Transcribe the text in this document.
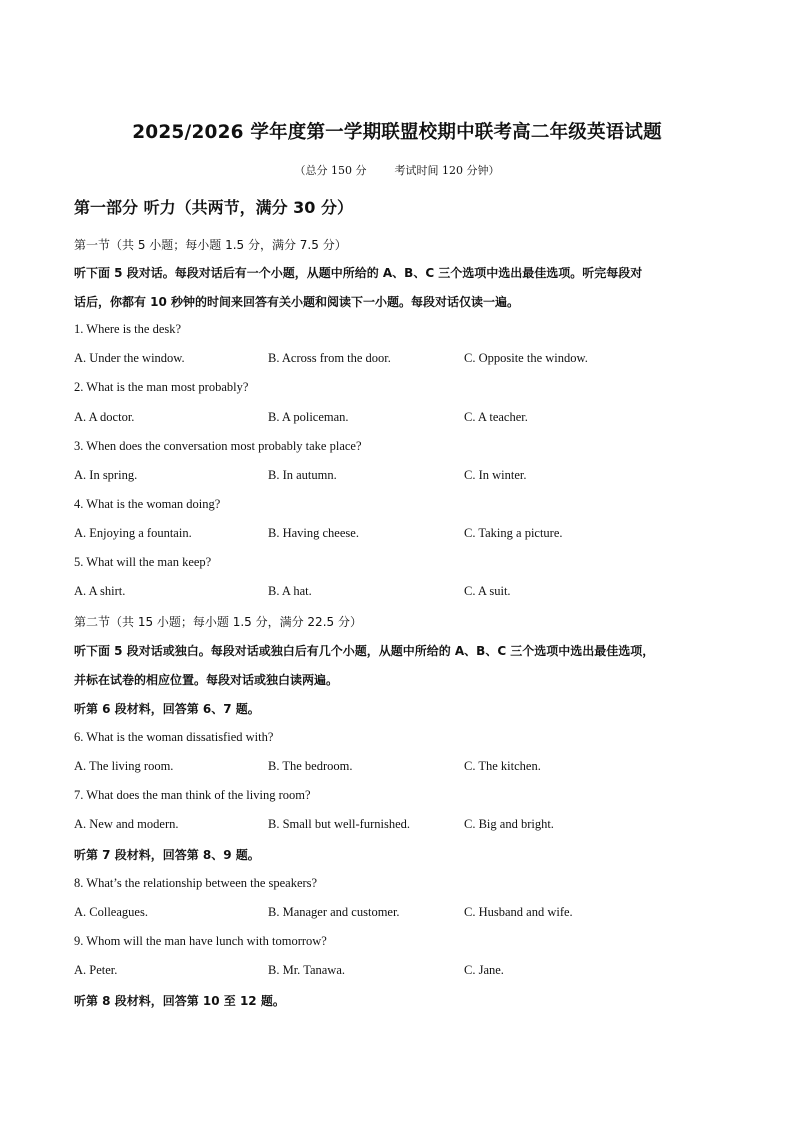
2025/2026 学年度第一学期联盟校期中联考高二年级英语试题
（总分 150 分        考试时间 120 分钟）
第一部分 听力（共两节，满分 30 分）
第一节（共 5 小题；每小题 1.5 分，满分 7.5 分）
听下面 5 段对话。每段对话后有一个小题，从题中所给的 A、B、C 三个选项中选出最佳选项。听完每段对
话后，你都有 10 秒钟的时间来回答有关小题和阅读下一小题。每段对话仅读一遍。
1. Where is the desk?
A. Under the window.	B. Across from the door.	C. Opposite the window.
2. What is the man most probably?
A. A doctor.	B. A policeman.	C. A teacher.
3. When does the conversation most probably take place?
A. In spring.	B. In autumn.	C. In winter.
4. What is the woman doing?
A. Enjoying a fountain.	B. Having cheese.	C. Taking a picture.
5. What will the man keep?
A. A shirt.	B. A hat.	C. A suit.
第二节（共 15 小题；每小题 1.5 分，满分 22.5 分）
听下面 5 段对话或独白。每段对话或独白后有几个小题，从题中所给的 A、B、C 三个选项中选出最佳选项，
并标在试卷的相应位置。每段对话或独白读两遍。
听第 6 段材料，回答第 6、7 题。
6. What is the woman dissatisfied with?
A. The living room.	B. The bedroom.	C. The kitchen.
7. What does the man think of the living room?
A. New and modern.	B. Small but well-furnished.	C. Big and bright.
听第 7 段材料，回答第 8、9 题。
8. What’s the relationship between the speakers?
A. Colleagues.	B. Manager and customer.	C. Husband and wife.
9. Whom will the man have lunch with tomorrow?
A. Peter.	B. Mr. Tanawa.	C. Jane.
听第 8 段材料，回答第 10 至 12 题。
